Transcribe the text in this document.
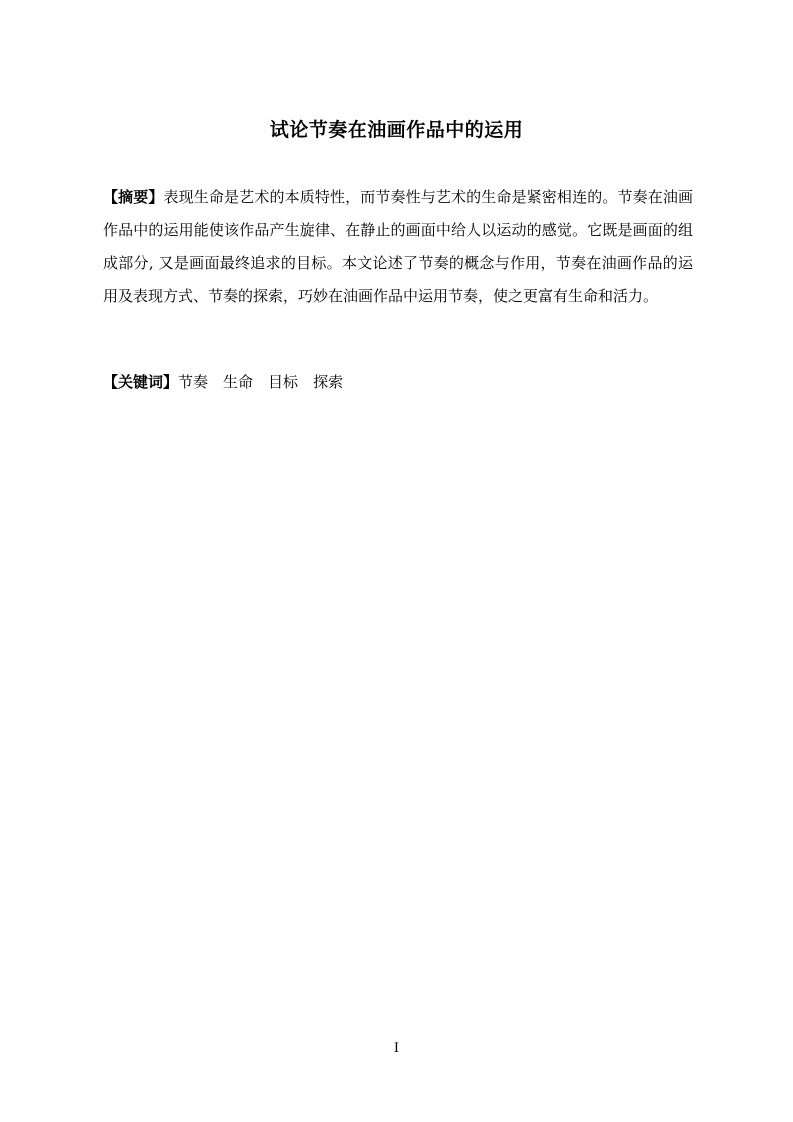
试论节奏在油画作品中的运用

【摘要】表现生命是艺术的本质特性，而节奏性与艺术的生命是紧密相连的。节奏在油画作品中的运用能使该作品产生旋律、在静止的画面中给人以运动的感觉。它既是画面的组成部分, 又是画面最终追求的目标。本文论述了节奏的概念与作用，节奏在油画作品的运用及表现方式、节奏的探索，巧妙在油画作品中运用节奏，使之更富有生命和活力。

【关键词】节奏 生命 目标 探索

I
